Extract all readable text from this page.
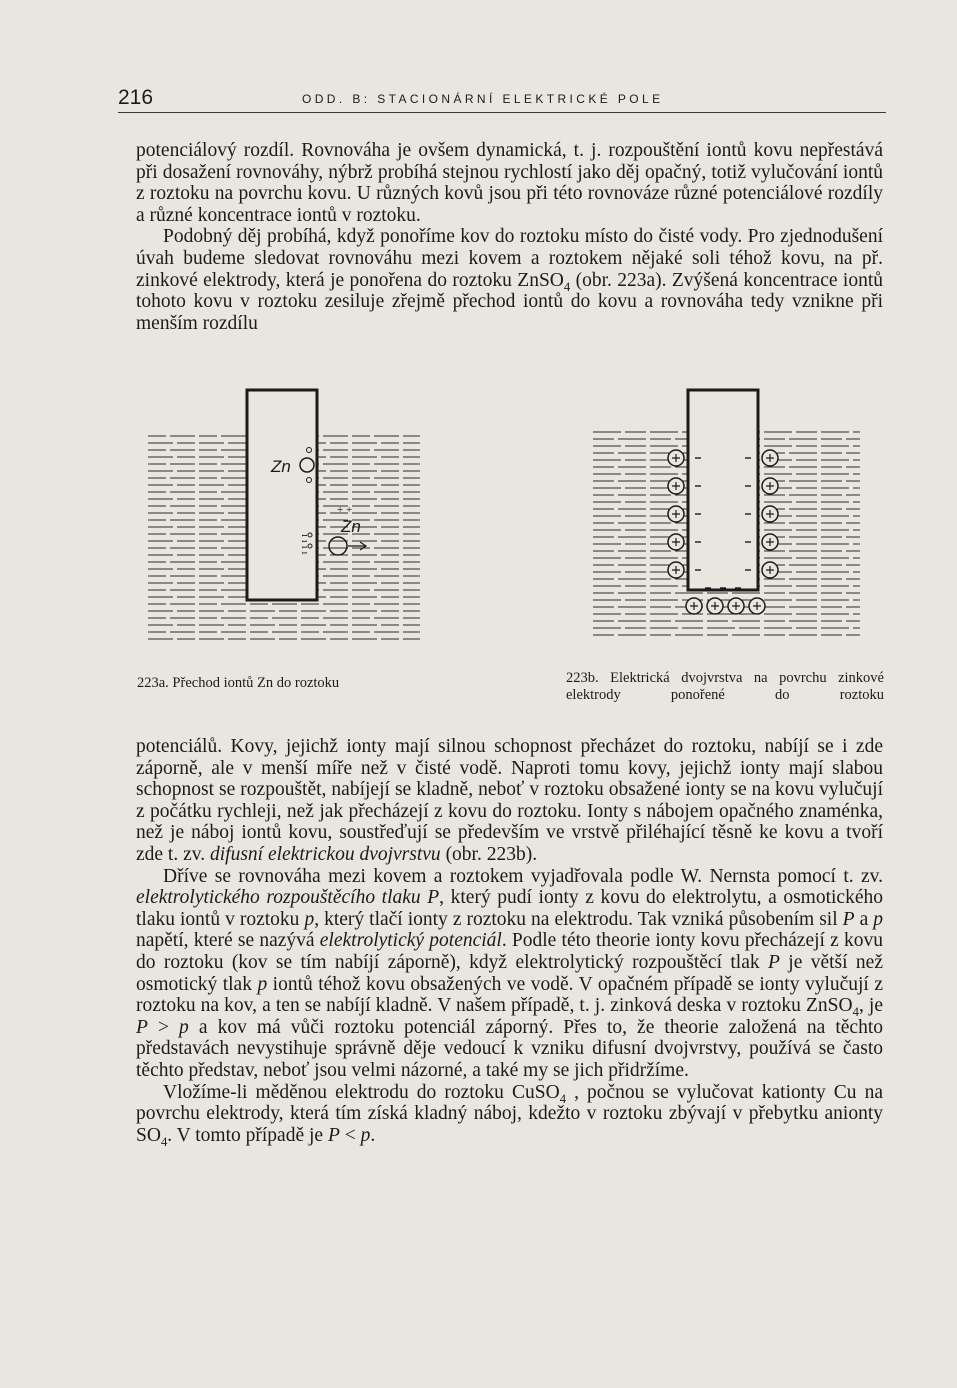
216	ODD. B: STACIONÁRNÍ ELEKTRICKÉ POLE

potenciálový rozdíl. Rovnováha je ovšem dynamická, t. j. rozpouštění iontů kovu nepřestává při dosažení rovnováhy, nýbrž probíhá stejnou rychlostí jako děj opačný, totiž vylučování iontů z roztoku na povrchu kovu. U různých kovů jsou při této rovnováze různé potenciálové rozdíly a různé koncentrace iontů v roztoku.

Podobný děj probíhá, když ponoříme kov do roztoku místo do čisté vody. Pro zjednodušení úvah budeme sledovat rovnováhu mezi kovem a roztokem nějaké soli téhož kovu, na př. zinkové elektrody, která je ponořena do roztoku ZnSO$_4$ (obr. 223a). Zvýšená koncentrace iontů tohoto kovu v roztoku zesiluje zřejmě přechod iontů do kovu a rovnováha tedy vznikne při menším rozdílu

Zn
ı ı ı ı
+ +
Zn
223a. Přechod iontů Zn do roztoku	223b. Elektrická dvojvrstva na povrchu zinkové elektrody ponořené do roztoku

potenciálů. Kovy, jejichž ionty mají silnou schopnost přecházet do roztoku, nabíjí se i zde záporně, ale v menší míře než v čisté vodě. Naproti tomu kovy, jejichž ionty mají slabou schopnost se rozpouštět, nabíjejí se kladně, neboť v roztoku obsažené ionty se na kovu vylučují z počátku rychleji, než jak přecházejí z kovu do roztoku. Ionty s nábojem opačného znaménka, než je náboj iontů kovu, soustřeďují se především ve vrstvě přiléhající těsně ke kovu a tvoří zde t. zv. difusní elektrickou dvojvrstvu (obr. 223b).

Dříve se rovnováha mezi kovem a roztokem vyjadřovala podle W. Nernsta pomocí t. zv. elektrolytického rozpouštěcího tlaku P, který pudí ionty z kovu do elektrolytu, a osmotického tlaku iontů v roztoku p, který tlačí ionty z roztoku na elektrodu. Tak vzniká působením sil P a p napětí, které se nazývá elektrolytický potenciál. Podle této theorie ionty kovu přecházejí z kovu do roztoku (kov se tím nabíjí záporně), když elektrolytický rozpouštěcí tlak P je větší než osmotický tlak p iontů téhož kovu obsažených ve vodě. V opačném případě se ionty vylučují z roztoku na kov, a ten se nabíjí kladně. V našem případě, t. j. zinková deska v roztoku ZnSO$_4$, je P > p a kov má vůči roztoku potenciál záporný. Přes to, že theorie založená na těchto představách nevystihuje správně děje vedoucí k vzniku difusní dvojvrstvy, používá se často těchto představ, neboť jsou velmi názorné, a také my se jich přidržíme.

Vložíme-li měděnou elektrodu do roztoku CuSO$_4$ , počnou se vylučovat kationty Cu na povrchu elektrody, která tím získá kladný náboj, kdežto v roztoku zbývají v přebytku anionty $SO_4$. V tomto případě je P < p.
